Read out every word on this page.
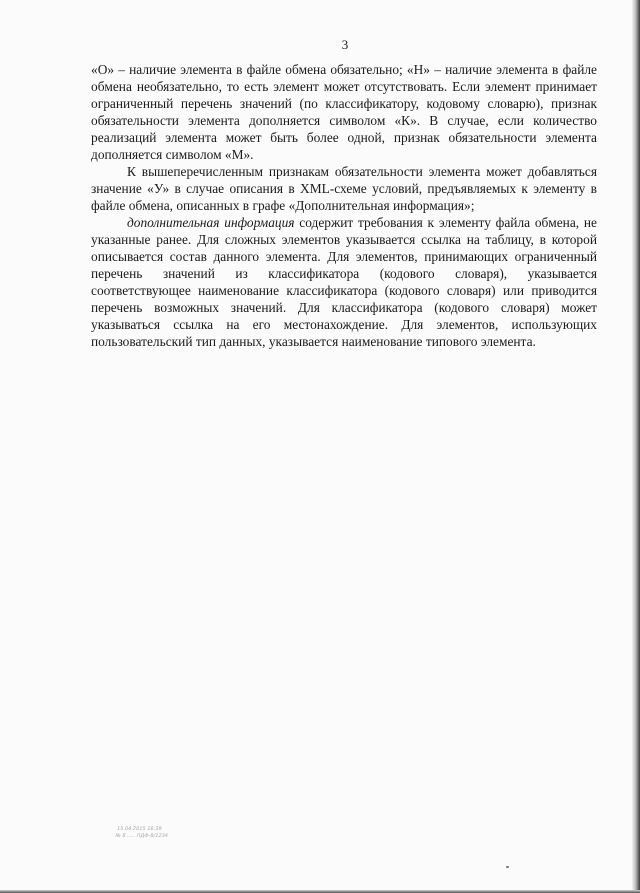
3

«О» – наличие элемента в файле обмена обязательно; «Н» – наличие элемента в файле обмена необязательно, то есть элемент может отсутствовать. Если элемент принимает ограниченный перечень значений (по классификатору, кодовому словарю), признак обязательности элемента дополняется символом «К». В случае, если количество реализаций элемента может быть более одной, признак обязательности элемента дополняется символом «М».

К вышеперечисленным признакам обязательности элемента может добавляться значение «У» в случае описания в XML-схеме условий, предъявляемых к элементу в файле обмена, описанных в графе «Дополнительная информация»;

дополнительная информация содержит требования к элементу файла обмена, не указанные ранее. Для сложных элементов указывается ссылка на таблицу, в которой описывается состав данного элемента. Для элементов, принимающих ограниченный перечень значений из классификатора (кодового словаря), указывается соответствующее наименование классификатора (кодового словаря) или приводится перечень возможных значений. Для классификатора (кодового словаря) может указываться ссылка на его местонахождение. Для элементов, использующих пользовательский тип данных, указывается наименование типового элемента.

15.04.2015 16:39
№ 8 ..... ПДФ-8/1234
